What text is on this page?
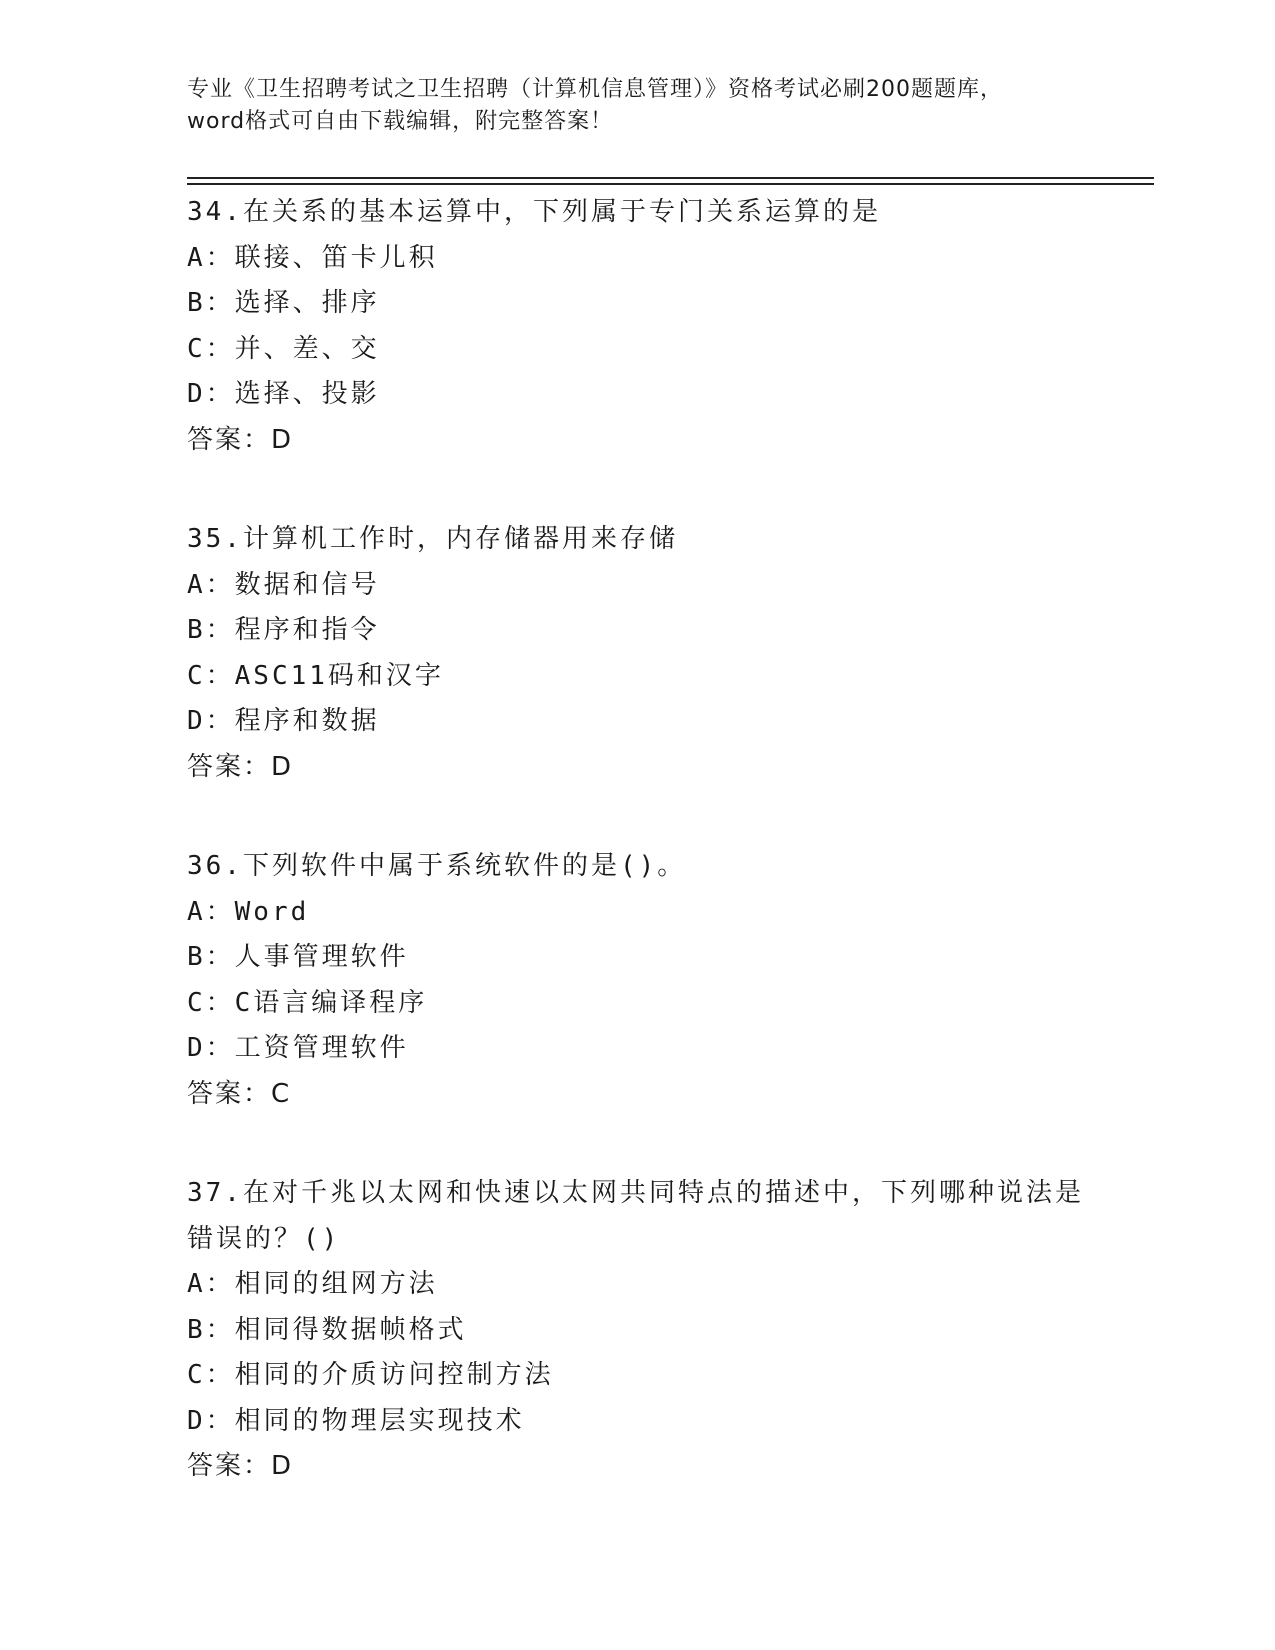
专业《卫生招聘考试之卫生招聘（计算机信息管理）》资格考试必刷200题题库，
word格式可自由下载编辑，附完整答案！
34.在关系的基本运算中，下列属于专门关系运算的是
A：联接、笛卡儿积
B：选择、排序
C：并、差、交
D：选择、投影
答案：D
35.计算机工作时，内存储器用来存储
A：数据和信号
B：程序和指令
C：ASC11码和汉字
D：程序和数据
答案：D
36.下列软件中属于系统软件的是()。
A：Word
B：人事管理软件
C：C语言编译程序
D：工资管理软件
答案：C
37.在对千兆以太网和快速以太网共同特点的描述中，下列哪种说法是
错误的？()
A：相同的组网方法
B：相同得数据帧格式
C：相同的介质访问控制方法
D：相同的物理层实现技术
答案：D
